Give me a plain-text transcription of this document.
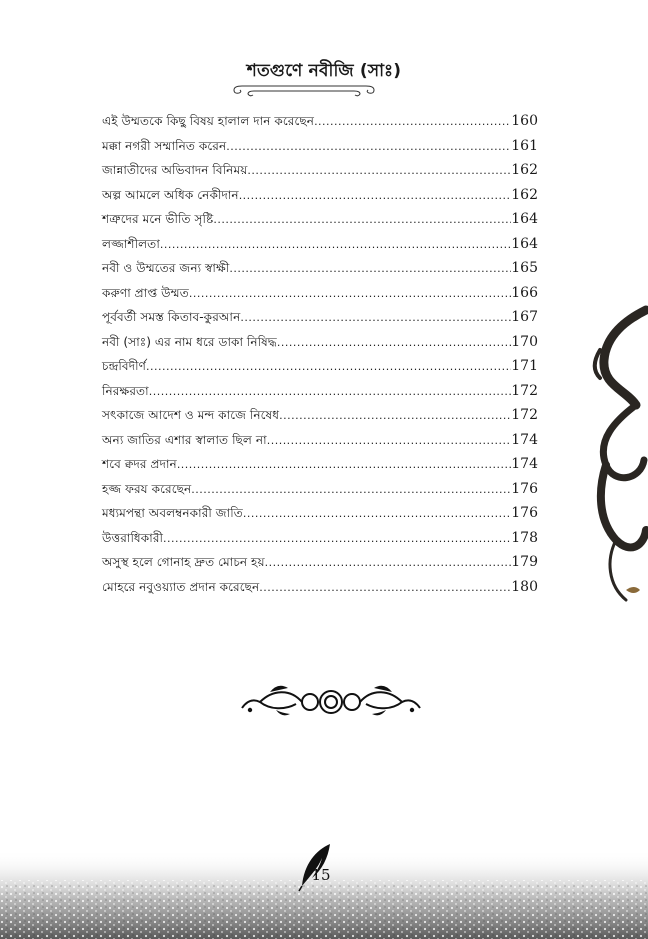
শতগুণে নবীজি (সাঃ)
এই উম্মতকে কিছু বিষয় হালাল দান করেছেন .....	160
মক্কা নগরী সম্মানিত করেন .....	161
জান্নাতীদের অভিবাদন বিনিময় .....	162
অল্প আমলে অধিক নেকীদান .....	162
শত্রুদের মনে ভীতি সৃষ্টি .....	164
লজ্জাশীলতা .....	164
নবী ও উম্মতের জন্য স্বাক্ষী .....	165
করুণা প্রাপ্ত উম্মত .....	166
পূর্ববর্তী সমস্ত কিতাব-কুরআন .....	167
নবী (সাঃ) এর নাম ধরে ডাকা নিষিদ্ধ .....	170
চন্দ্রবিদীর্ণ .....	171
নিরক্ষরতা .....	172
সৎকাজে আদেশ ও মন্দ কাজে নিষেধ .....	172
অন্য জাতির এশার স্বালাত ছিল না .....	174
শবে ক্বদর প্রদান .....	174
হজ্জ ফরয করেছেন .....	176
মধ্যমপন্থা অবলম্বনকারী জাতি .....	176
উত্তরাধিকারী .....	178
অসুস্থ হলে গোনাহ দ্রুত মোচন হয় .....	179
মোহরে নবুওয়্যাত প্রদান করেছেন .....	180
15
